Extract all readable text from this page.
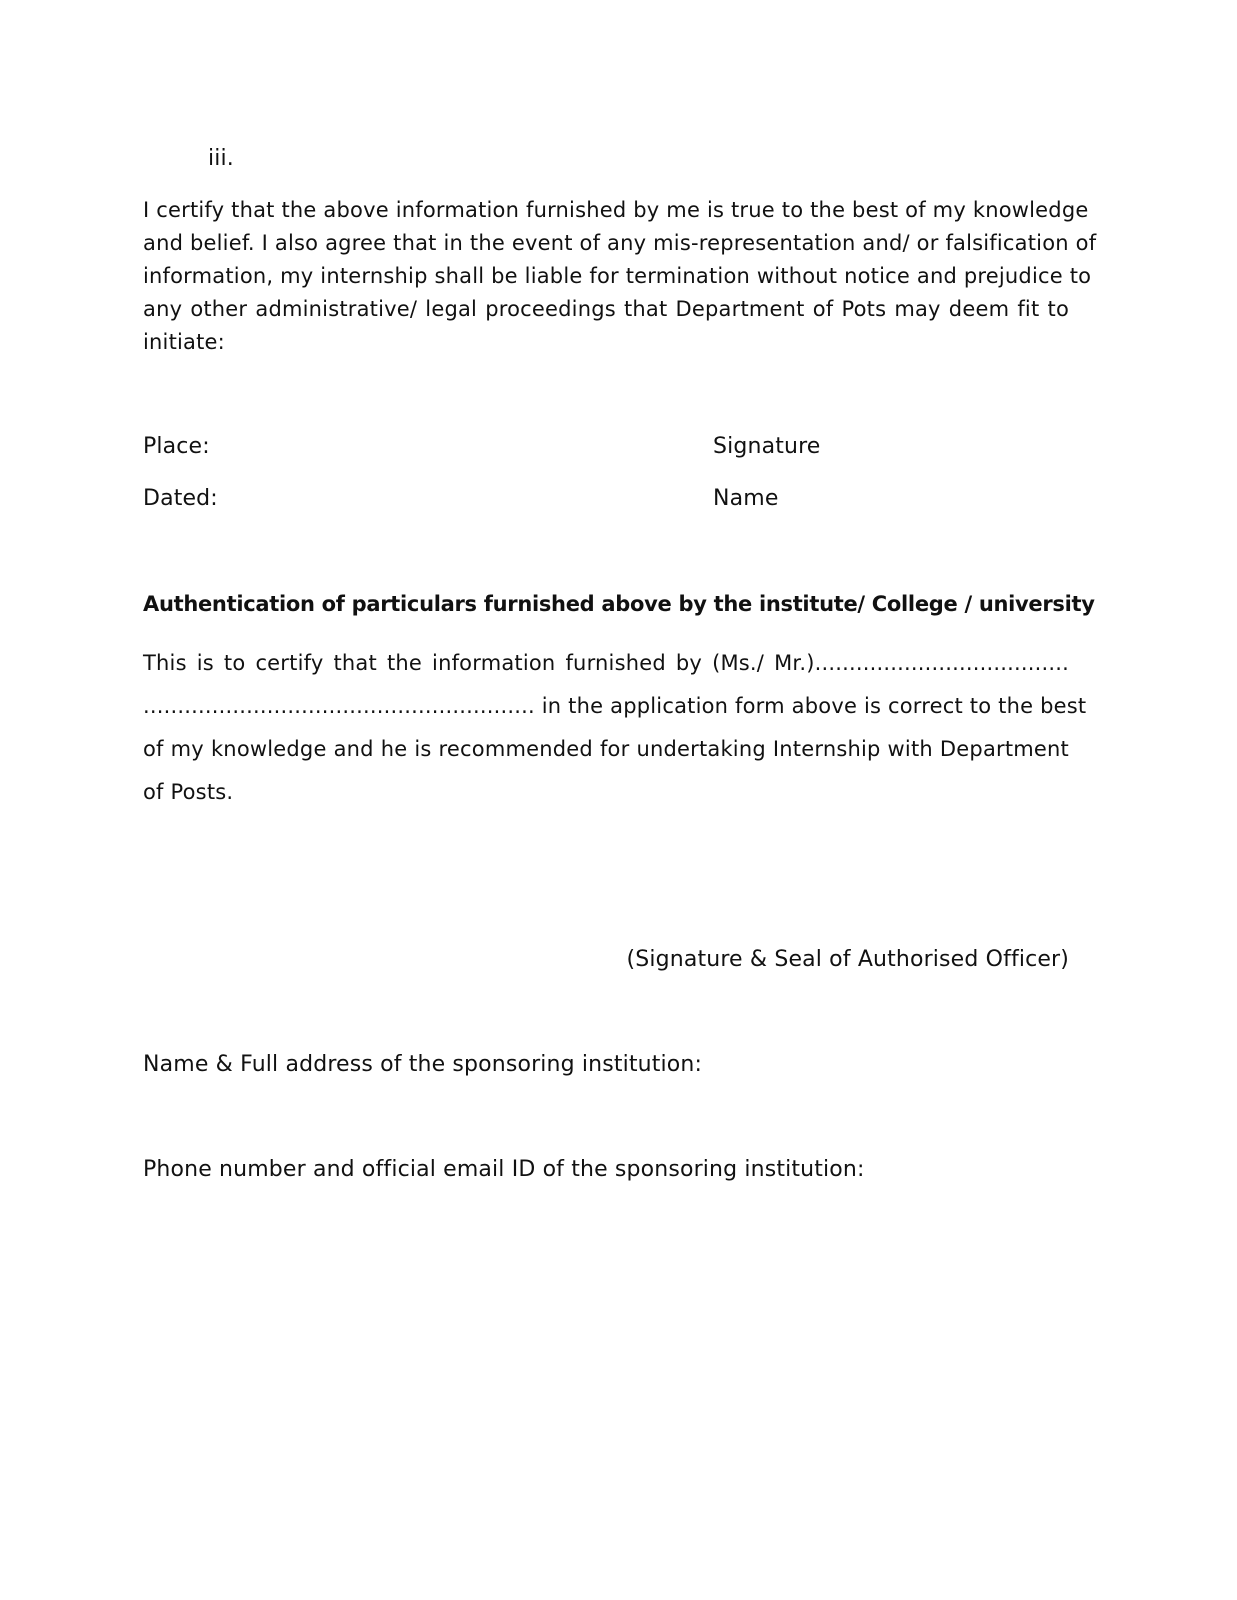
iii.
I certify that the above information furnished by me is true to the best of my knowledge
and belief. I also agree that in the event of any mis-representation and/ or falsification of
information, my internship shall be liable for termination without notice and prejudice to
any other administrative/ legal proceedings that Department of Pots may deem fit to
initiate:
Place:	Signature
Dated:	Name
Authentication of particulars furnished above by the institute/ College / university
This is to certify that the information furnished by (Ms./ Mr.).....................................
......................................................... in the application form above is correct to the best
of my knowledge and he is recommended for undertaking Internship with Department
of Posts.
(Signature & Seal of Authorised Officer)
Name & Full address of the sponsoring institution:
Phone number and official email ID of the sponsoring institution:
